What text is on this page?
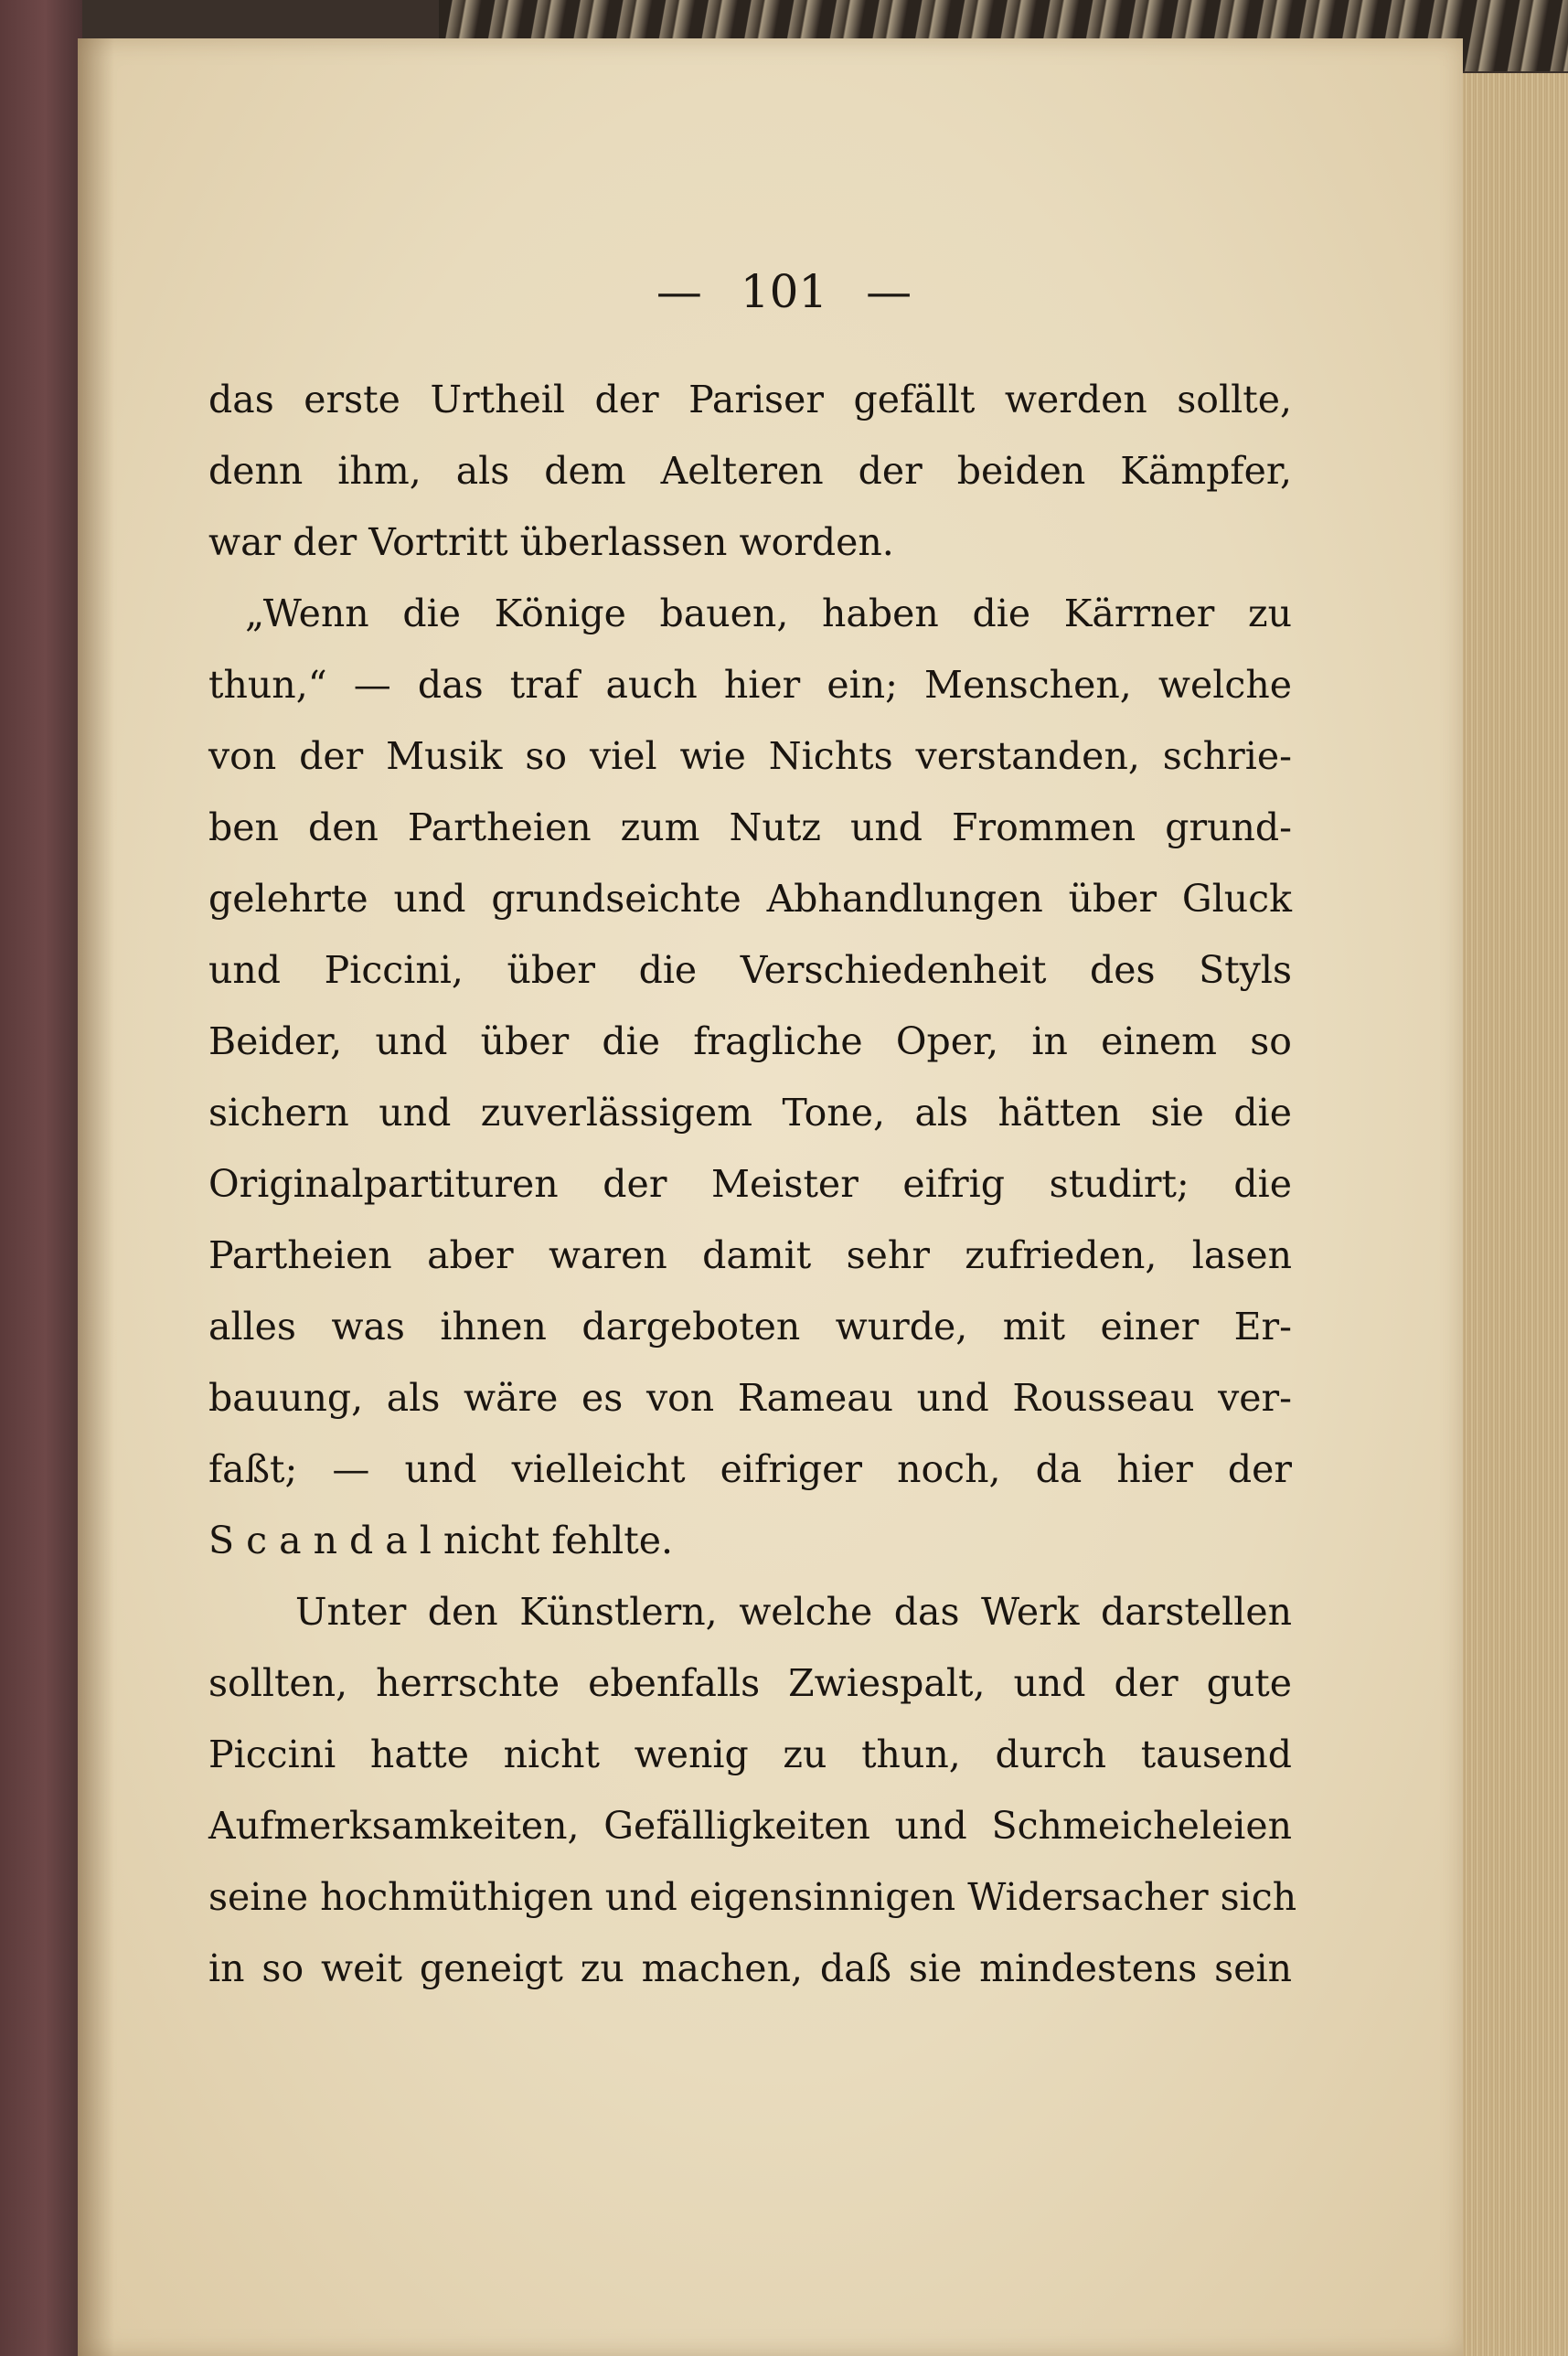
— 101 —
das erste Urtheil der Pariser gefällt werden sollte,
denn ihm, als dem Aelteren der beiden Kämpfer,
war der Vortritt überlassen worden.
„Wenn die Könige bauen, haben die Kärrner zu
thun,“ — das traf auch hier ein; Menschen, welche
von der Musik so viel wie Nichts verstanden, schrie-
ben den Partheien zum Nutz und Frommen grund-
gelehrte und grundseichte Abhandlungen über Gluck
und Piccini, über die Verschiedenheit des Styls
Beider, und über die fragliche Oper, in einem so
sichern und zuverlässigem Tone, als hätten sie die
Originalpartituren der Meister eifrig studirt; die
Partheien aber waren damit sehr zufrieden, lasen
alles was ihnen dargeboten wurde, mit einer Er-
bauung, als wäre es von Rameau und Rousseau ver-
faßt; — und vielleicht eifriger noch, da hier der
S c a n d a l nicht fehlte.
Unter den Künstlern, welche das Werk darstellen
sollten, herrschte ebenfalls Zwiespalt, und der gute
Piccini hatte nicht wenig zu thun, durch tausend
Aufmerksamkeiten, Gefälligkeiten und Schmeicheleien
seine hochmüthigen und eigensinnigen Widersacher sich
in so weit geneigt zu machen, daß sie mindestens sein
